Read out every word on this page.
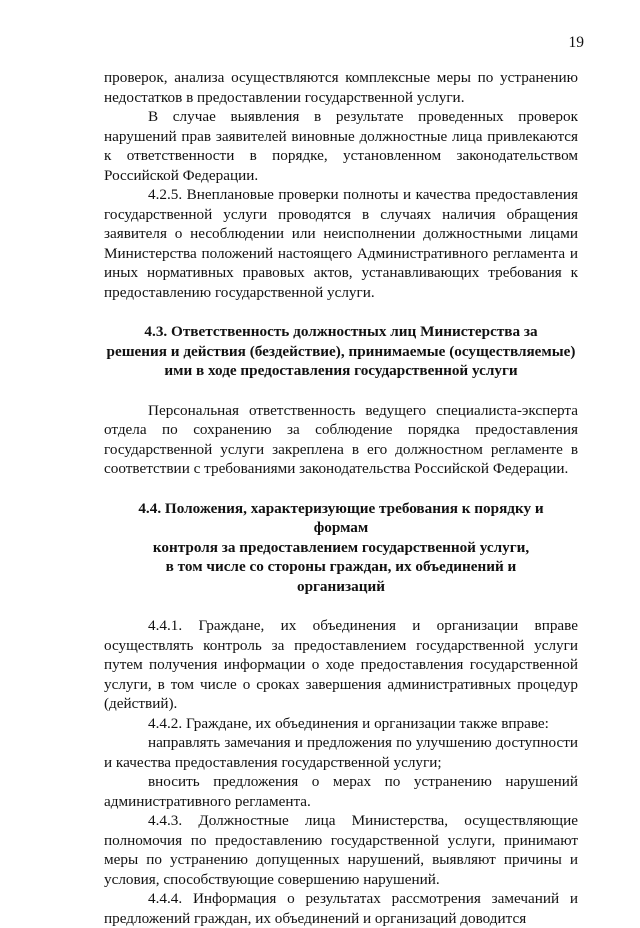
19

проверок, анализа осуществляются комплексные меры по устранению недостатков в предоставлении государственной услуги.

В случае выявления в результате проведенных проверок нарушений прав заявителей виновные должностные лица привлекаются к ответственности в порядке, установленном законодательством Российской Федерации.

4.2.5. Внеплановые проверки полноты и качества предоставления государственной услуги проводятся в случаях наличия обращения заявителя о несоблюдении или неисполнении должностными лицами Министерства положений настоящего Административного регламента и иных нормативных правовых актов, устанавливающих требования к предоставлению государственной услуги.

4.3. Ответственность должностных лиц Министерства за
решения и действия (бездействие), принимаемые (осуществляемые)
ими в ходе предоставления государственной услуги

Персональная ответственность ведущего специалиста-эксперта отдела по сохранению за соблюдение порядка предоставления государственной услуги закреплена в его должностном регламенте в соответствии с требованиями законодательства Российской Федерации.

4.4. Положения, характеризующие требования к порядку и
формам
контроля за предоставлением государственной услуги,
в том числе со стороны граждан, их объединений и
организаций

4.4.1. Граждане, их объединения и организации вправе осуществлять контроль за предоставлением государственной услуги путем получения информации о ходе предоставления государственной услуги, в том числе о сроках завершения административных процедур (действий).

4.4.2. Граждане, их объединения и организации также вправе:

направлять замечания и предложения по улучшению доступности и качества предоставления государственной услуги;

вносить предложения о мерах по устранению нарушений административного регламента.

4.4.3. Должностные лица Министерства, осуществляющие полномочия по предоставлению государственной услуги, принимают меры по устранению допущенных нарушений, выявляют причины и условия, способствующие совершению нарушений.

4.4.4. Информация о результатах рассмотрения замечаний и предложений граждан, их объединений и организаций доводится
